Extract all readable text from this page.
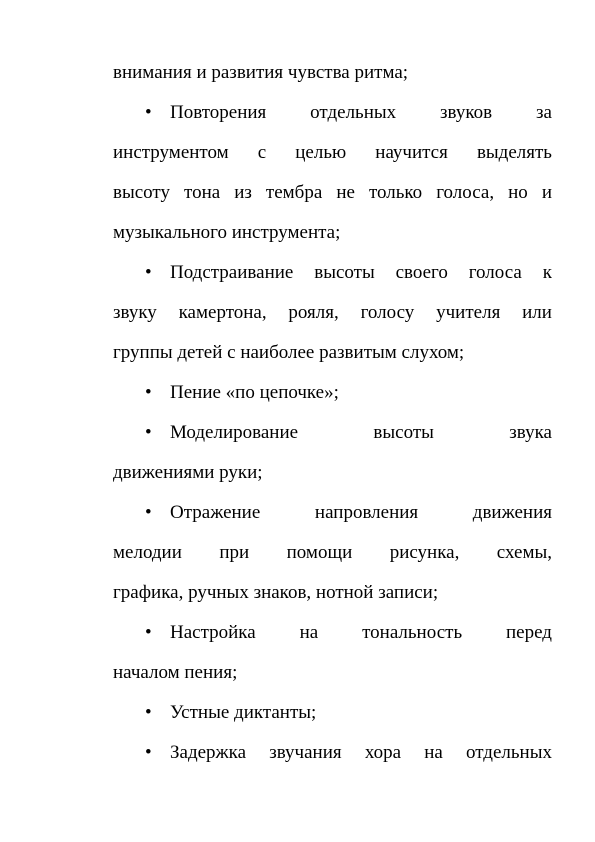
внимания и развития чувства ритма;
• Повторения отдельных звуков за
инструментом с целью научится выделять
высоту тона из тембра не только голоса, но и
музыкального инструмента;
• Подстраивание высоты своего голоса к
звуку камертона, рояля, голосу учителя или
группы детей с наиболее развитым слухом;
• Пение «по цепочке»;
• Моделирование	высоты	звука
движениями руки;
• Отражение	напровления	движения
мелодии при помощи рисунка, схемы,
графика, ручных знаков, нотной записи;
• Настройка на тональность перед
началом пения;
• Устные диктанты;
• Задержка звучания хора на отдельных
